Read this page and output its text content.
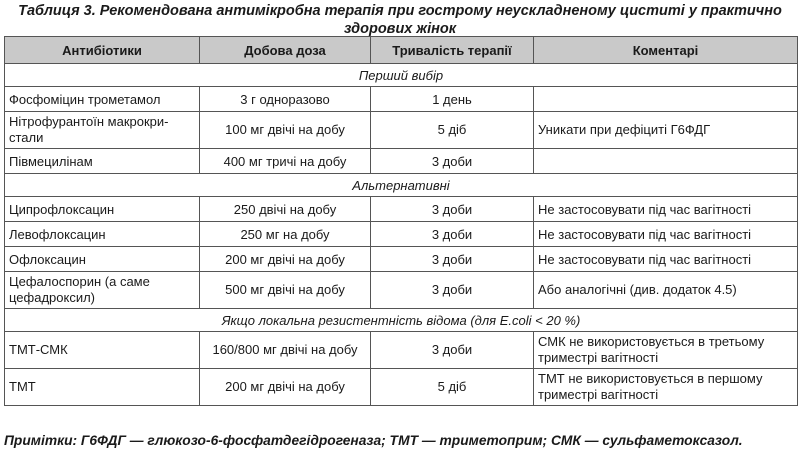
Таблиця 3. Рекомендована антимікробна терапія при гострому неускладненому циститі у практично
здорових жінок
Антибіотики	Добова доза	Тривалість терапії	Коментарі
Перший вибір			
Фосфоміцин трометамол	3 г одноразово	1 день	
Нітрофурантоїн макрокри-стали	100 мг двічі на добу	5 діб	Уникати при дефіциті Г6ФДГ
Півмецилінам	400 мг тричі на добу	3 доби	
Альтернативні			
Ципрофлоксацин	250 двічі на добу	3 доби	Не застосовувати під час вагітності
Левофлоксацин	250 мг на добу	3 доби	Не застосовувати під час вагітності
Офлоксацин	200 мг двічі на добу	3 доби	Не застосовувати під час вагітності
Цефалоспорин (а саме цефадроксил)	500 мг двічі на добу	3 доби	Або аналогічні (див. додаток 4.5)
Якщо локальна резистентність відома (для E.coli < 20 %)			
ТМТ-СМК	160/800 мг двічі на добу	3 доби	СМК не використовується в третьому триместрі вагітності
ТМТ	200 мг двічі на добу	5 діб	ТМТ не використовується в першому триместрі вагітності
Примітки: Г6ФДГ — глюкозо-6-фосфатдегідрогеназа; ТМТ — триметоприм; СМК — сульфаметоксазол.
